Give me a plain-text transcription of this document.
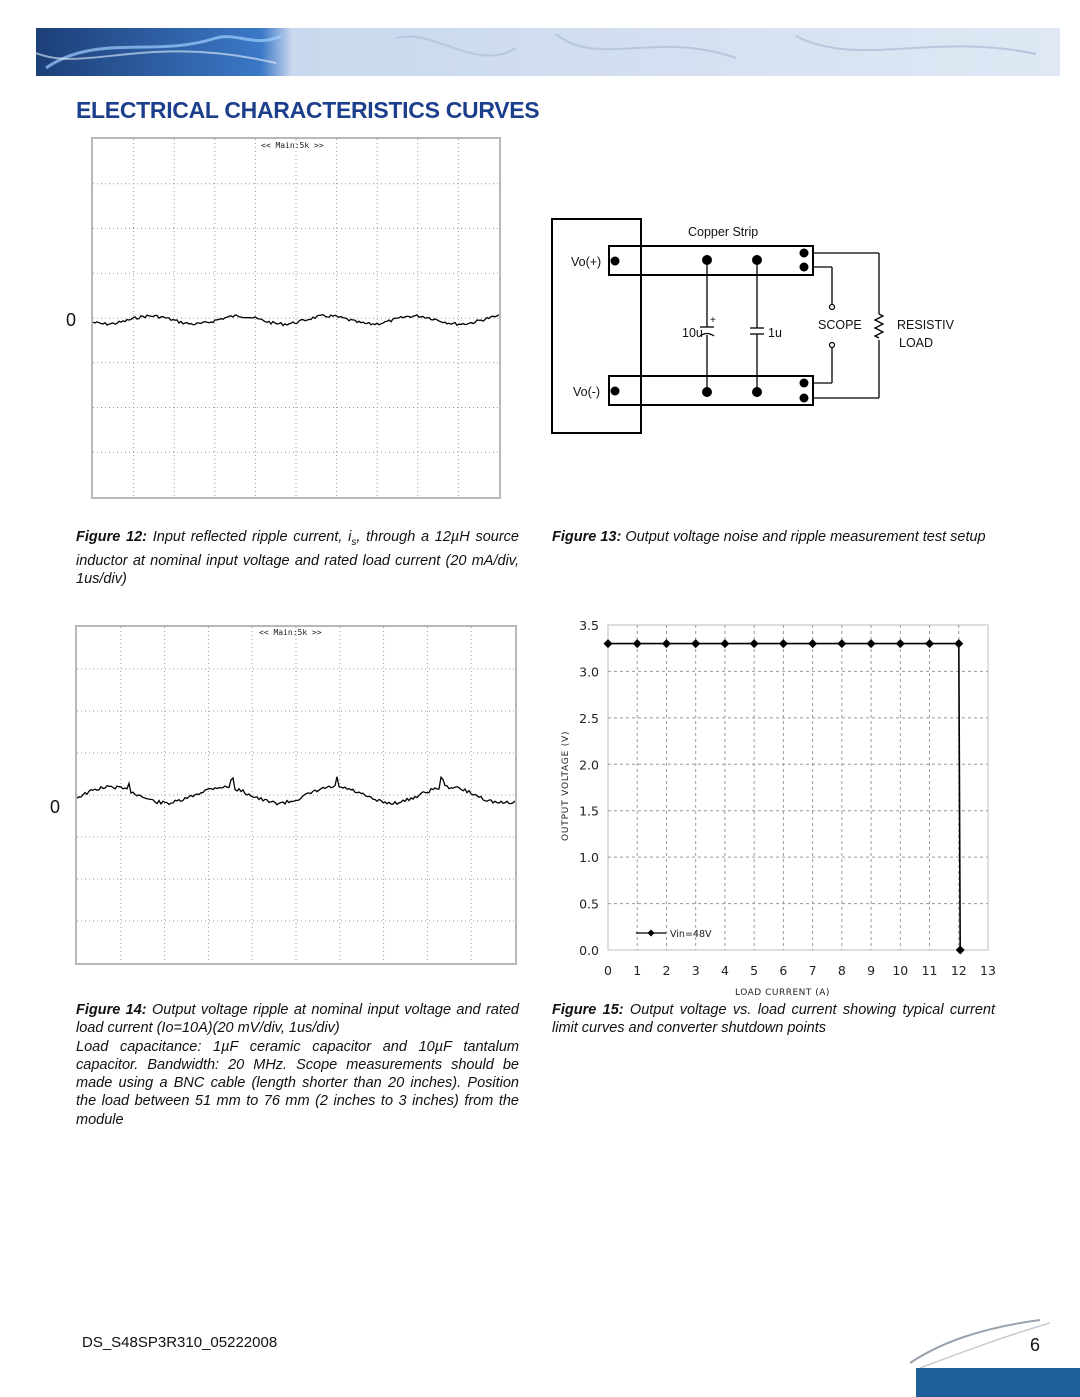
ELECTRICAL CHARACTERISTICS CURVES
<< Main:5k >>
0
Copper Strip
Vo(+)
Vo(-)
10u
+
1u
SCOPE	RESISTIV
LOAD
Figure 12: Input reflected ripple current, $i_s$, through a 12µH source inductor at nominal input voltage and rated load current (20 mA/div, 1us/div)
Figure 13: Output voltage noise and ripple measurement test setup
<< Main:5k >>
0
0.0
0.5
1.0
1.5
2.0
2.5
3.0
3.5
0 1 2 3 4 5 6 7 8 9 10 11 12 13
Vin=48V
OUTPUT VOLTAGE (V)
LOAD CURRENT (A)
Figure 14: Output voltage ripple at nominal input voltage and rated load current (Io=10A)(20 mV/div, 1us/div)
Load capacitance: 1µF ceramic capacitor and 10µF tantalum capacitor. Bandwidth: 20 MHz. Scope measurements should be made using a BNC cable (length shorter than 20 inches). Position the load between 51 mm to 76 mm (2 inches to 3 inches) from the module
Figure 15: Output voltage vs. load current showing typical current limit curves and converter shutdown points
DS_S48SP3R310_05222008	6
